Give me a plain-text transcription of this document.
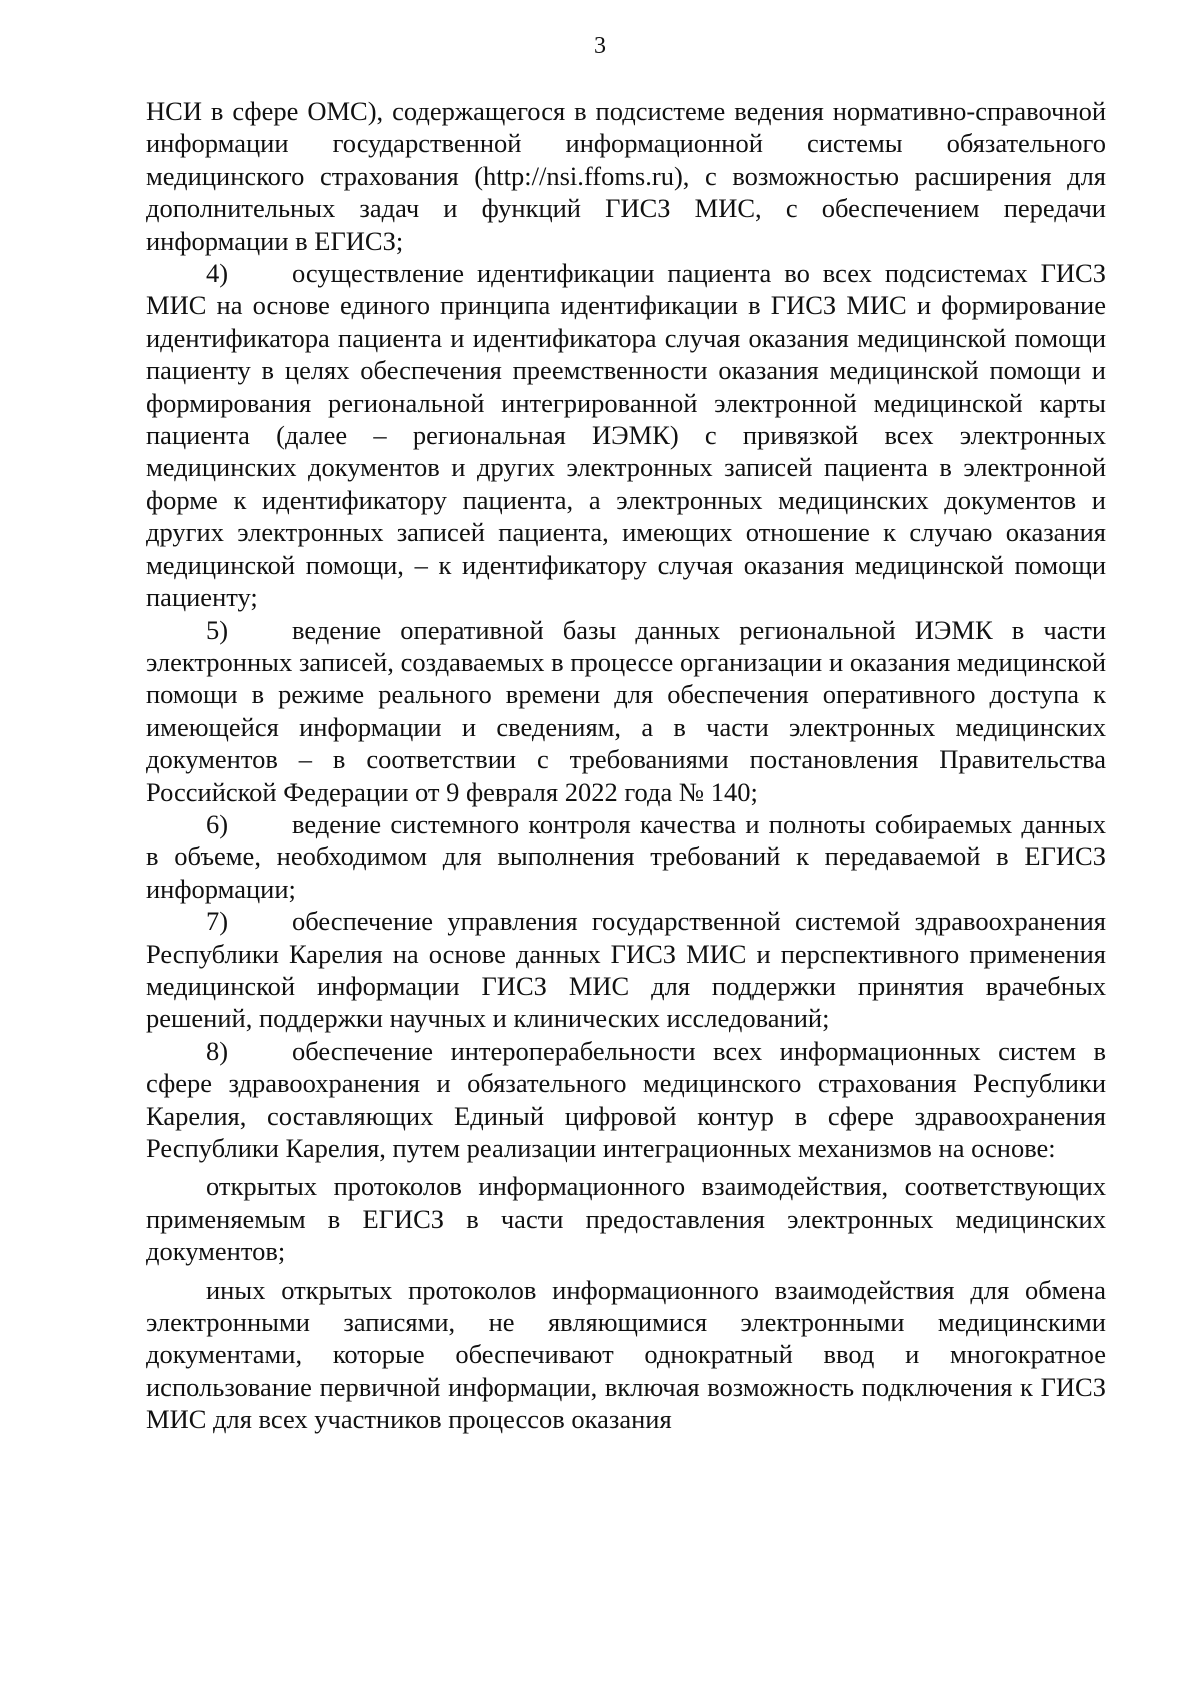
3

НСИ в сфере ОМС), содержащегося в подсистеме ведения нормативно-справочной информации государственной информационной системы обязательного медицинского страхования (http://nsi.ffoms.ru), с возможностью расширения для дополнительных задач и функций ГИСЗ МИС, с обеспечением передачи информации в ЕГИСЗ;

4) осуществление идентификации пациента во всех подсистемах ГИСЗ МИС на основе единого принципа идентификации в ГИСЗ МИС и формирование идентификатора пациента и идентификатора случая оказания медицинской помощи пациенту в целях обеспечения преемственности оказания медицинской помощи и формирования региональной интегрированной электронной медицинской карты пациента (далее – региональная ИЭМК) с привязкой всех электронных медицинских документов и других электронных записей пациента в электронной форме к идентификатору пациента, а электронных медицинских документов и других электронных записей пациента, имеющих отношение к случаю оказания медицинской помощи, – к идентификатору случая оказания медицинской помощи пациенту;

5) ведение оперативной базы данных региональной ИЭМК в части электронных записей, создаваемых в процессе организации и оказания медицинской помощи в режиме реального времени для обеспечения оперативного доступа к имеющейся информации и сведениям, а в части электронных медицинских документов – в соответствии с требованиями постановления Правительства Российской Федерации от 9 февраля 2022 года № 140;

6) ведение системного контроля качества и полноты собираемых данных в объеме, необходимом для выполнения требований к передаваемой в ЕГИСЗ информации;

7) обеспечение управления государственной системой здравоохранения Республики Карелия на основе данных ГИСЗ МИС и перспективного применения медицинской информации ГИСЗ МИС для поддержки принятия врачебных решений, поддержки научных и клинических исследований;

8) обеспечение интероперабельности всех информационных систем в сфере здравоохранения и обязательного медицинского страхования Республики Карелия, составляющих Единый цифровой контур в сфере здравоохранения Республики Карелия, путем реализации интеграционных механизмов на основе:

открытых протоколов информационного взаимодействия, соответствующих применяемым в ЕГИСЗ в части предоставления электронных медицинских документов;

иных открытых протоколов информационного взаимодействия для обмена электронными записями, не являющимися электронными медицинскими документами, которые обеспечивают однократный ввод и многократное использование первичной информации, включая возможность подключения к ГИСЗ МИС для всех участников процессов оказания
